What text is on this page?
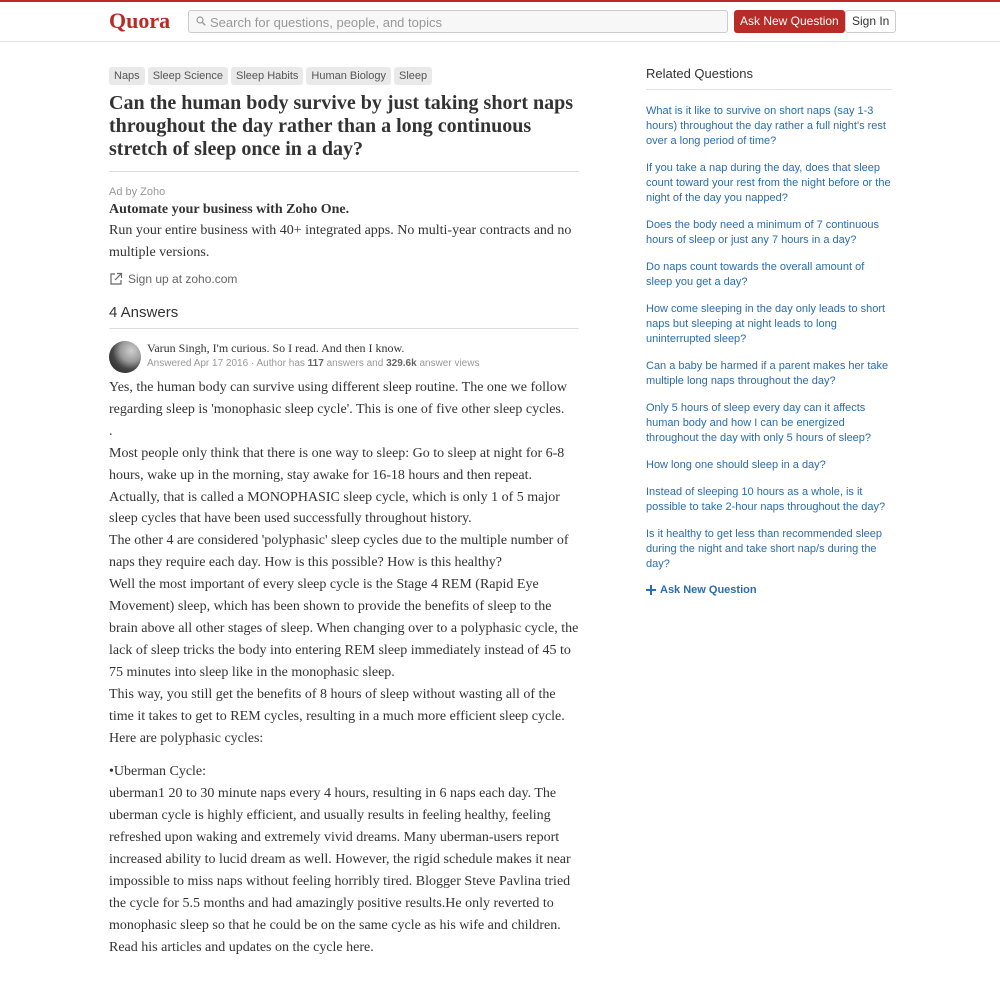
Quora	Search for questions, people, and topics	Ask New Question	Sign In
Naps Sleep Science Sleep Habits Human Biology Sleep
Can the human body survive by just taking short naps throughout the day rather than a long continuous stretch of sleep once in a day?
Ad by Zoho
Automate your business with Zoho One.
Run your entire business with 40+ integrated apps. No multi-year contracts and no multiple versions.
Sign up at zoho.com
4 Answers
Varun Singh, I'm curious. So I read. And then I know.
Answered Apr 17 2016 · Author has 117 answers and 329.6k answer views

Yes, the human body can survive using different sleep routine. The one we follow regarding sleep is 'monophasic sleep cycle'. This is one of five other sleep cycles.

.

Most people only think that there is one way to sleep: Go to sleep at night for 6-8 hours, wake up in the morning, stay awake for 16-18 hours and then repeat. Actually, that is called a MONOPHASIC sleep cycle, which is only 1 of 5 major sleep cycles that have been used successfully throughout history.

The other 4 are considered 'polyphasic' sleep cycles due to the multiple number of naps they require each day. How is this possible? How is this healthy?

Well the most important of every sleep cycle is the Stage 4 REM (Rapid Eye Movement) sleep, which has been shown to provide the benefits of sleep to the brain above all other stages of sleep. When changing over to a polyphasic cycle, the lack of sleep tricks the body into entering REM sleep immediately instead of 45 to 75 minutes into sleep like in the monophasic sleep.

This way, you still get the benefits of 8 hours of sleep without wasting all of the time it takes to get to REM cycles, resulting in a much more efficient sleep cycle.

Here are polyphasic cycles:

•Uberman Cycle:

uberman1 20 to 30 minute naps every 4 hours, resulting in 6 naps each day. The uberman cycle is highly efficient, and usually results in feeling healthy, feeling refreshed upon waking and extremely vivid dreams. Many uberman-users report increased ability to lucid dream as well. However, the rigid schedule makes it near impossible to miss naps without feeling horribly tired. Blogger Steve Pavlina tried the cycle for 5.5 months and had amazingly positive results.He only reverted to monophasic sleep so that he could be on the same cycle as his wife and children. Read his articles and updates on the cycle here.

Related Questions
What is it like to survive on short naps (say 1-3 hours) throughout the day rather a full night's rest over a long period of time?
If you take a nap during the day, does that sleep count toward your rest from the night before or the night of the day you napped?
Does the body need a minimum of 7 continuous hours of sleep or just any 7 hours in a day?
Do naps count towards the overall amount of sleep you get a day?
How come sleeping in the day only leads to short naps but sleeping at night leads to long uninterrupted sleep?
Can a baby be harmed if a parent makes her take multiple long naps throughout the day?
Only 5 hours of sleep every day can it affects human body and how I can be energized throughout the day with only 5 hours of sleep?
How long one should sleep in a day?
Instead of sleeping 10 hours as a whole, is it possible to take 2-hour naps throughout the day?
Is it healthy to get less than recommended sleep during the night and take short nap/s during the day?
Ask New Question
